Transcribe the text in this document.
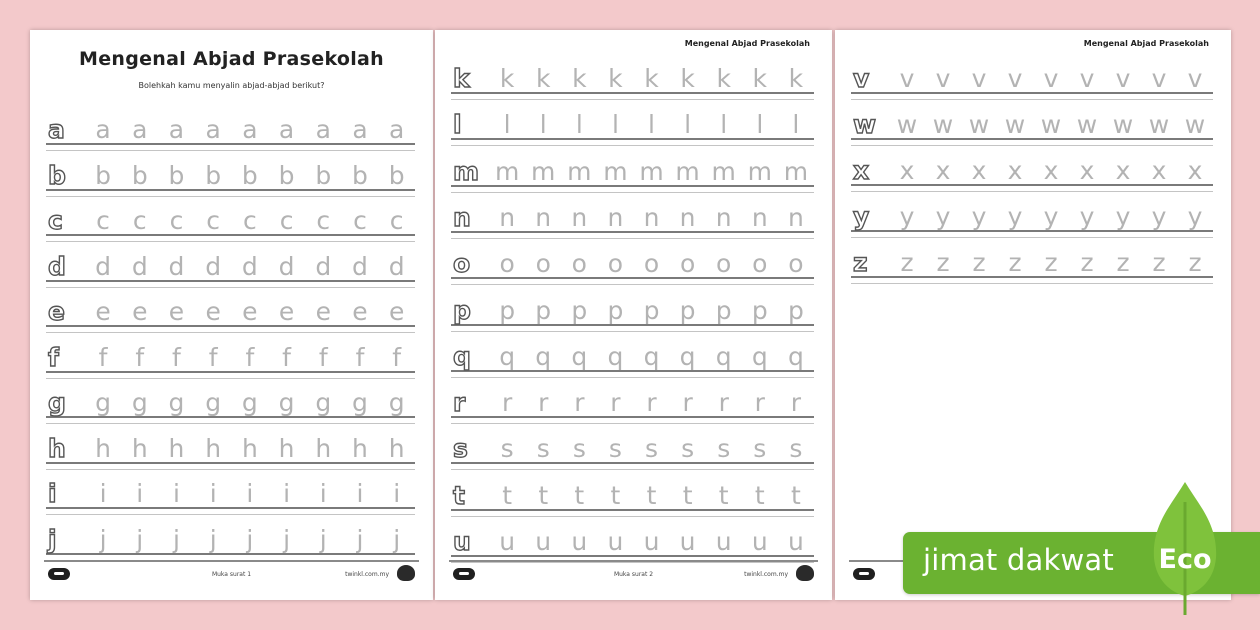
Mengenal Abjad Prasekolah
Bolehkah kamu menyalin abjad-abjad berikut?
a	a a a a a a a a a
b	b b b b b b b b b
c	c c c c c c c c c
d	d d d d d d d d d
e	e e e e e e e e e
f	f	f	f	f	f	f	f	f	f
g	g g g g g g g g g
h	h h h h h h h h h
i	i	i	i	i	i	i	i	i	i
j	j	j	j	j	j	j	j	j	j
Muka surat 1	twinkl.com.my
Mengenal Abjad Prasekolah
k	k k k k k k k k k
l	l	l	l	l	l	l	l	l	l
m m m m m m m m m m
n	n n n n n n n n n
o	o o o o o o o o o
p	p p p p p p p p p
q	q q q q q q q q q
r	r	r	r	r	r	r	r	r	r
s	s s s s s s s s s
t	t	t	t	t	t	t	t	t	t
u	u u u u u u u u u
Muka surat 2	twinkl.com.my
Mengenal Abjad Prasekolah
v	v v v v v v v v v
w w w w w w w w w w
x	x x x x x x x x x
y	y y y y y y y y y
z	z z z z z z z z z
jimat dakwat Eco
